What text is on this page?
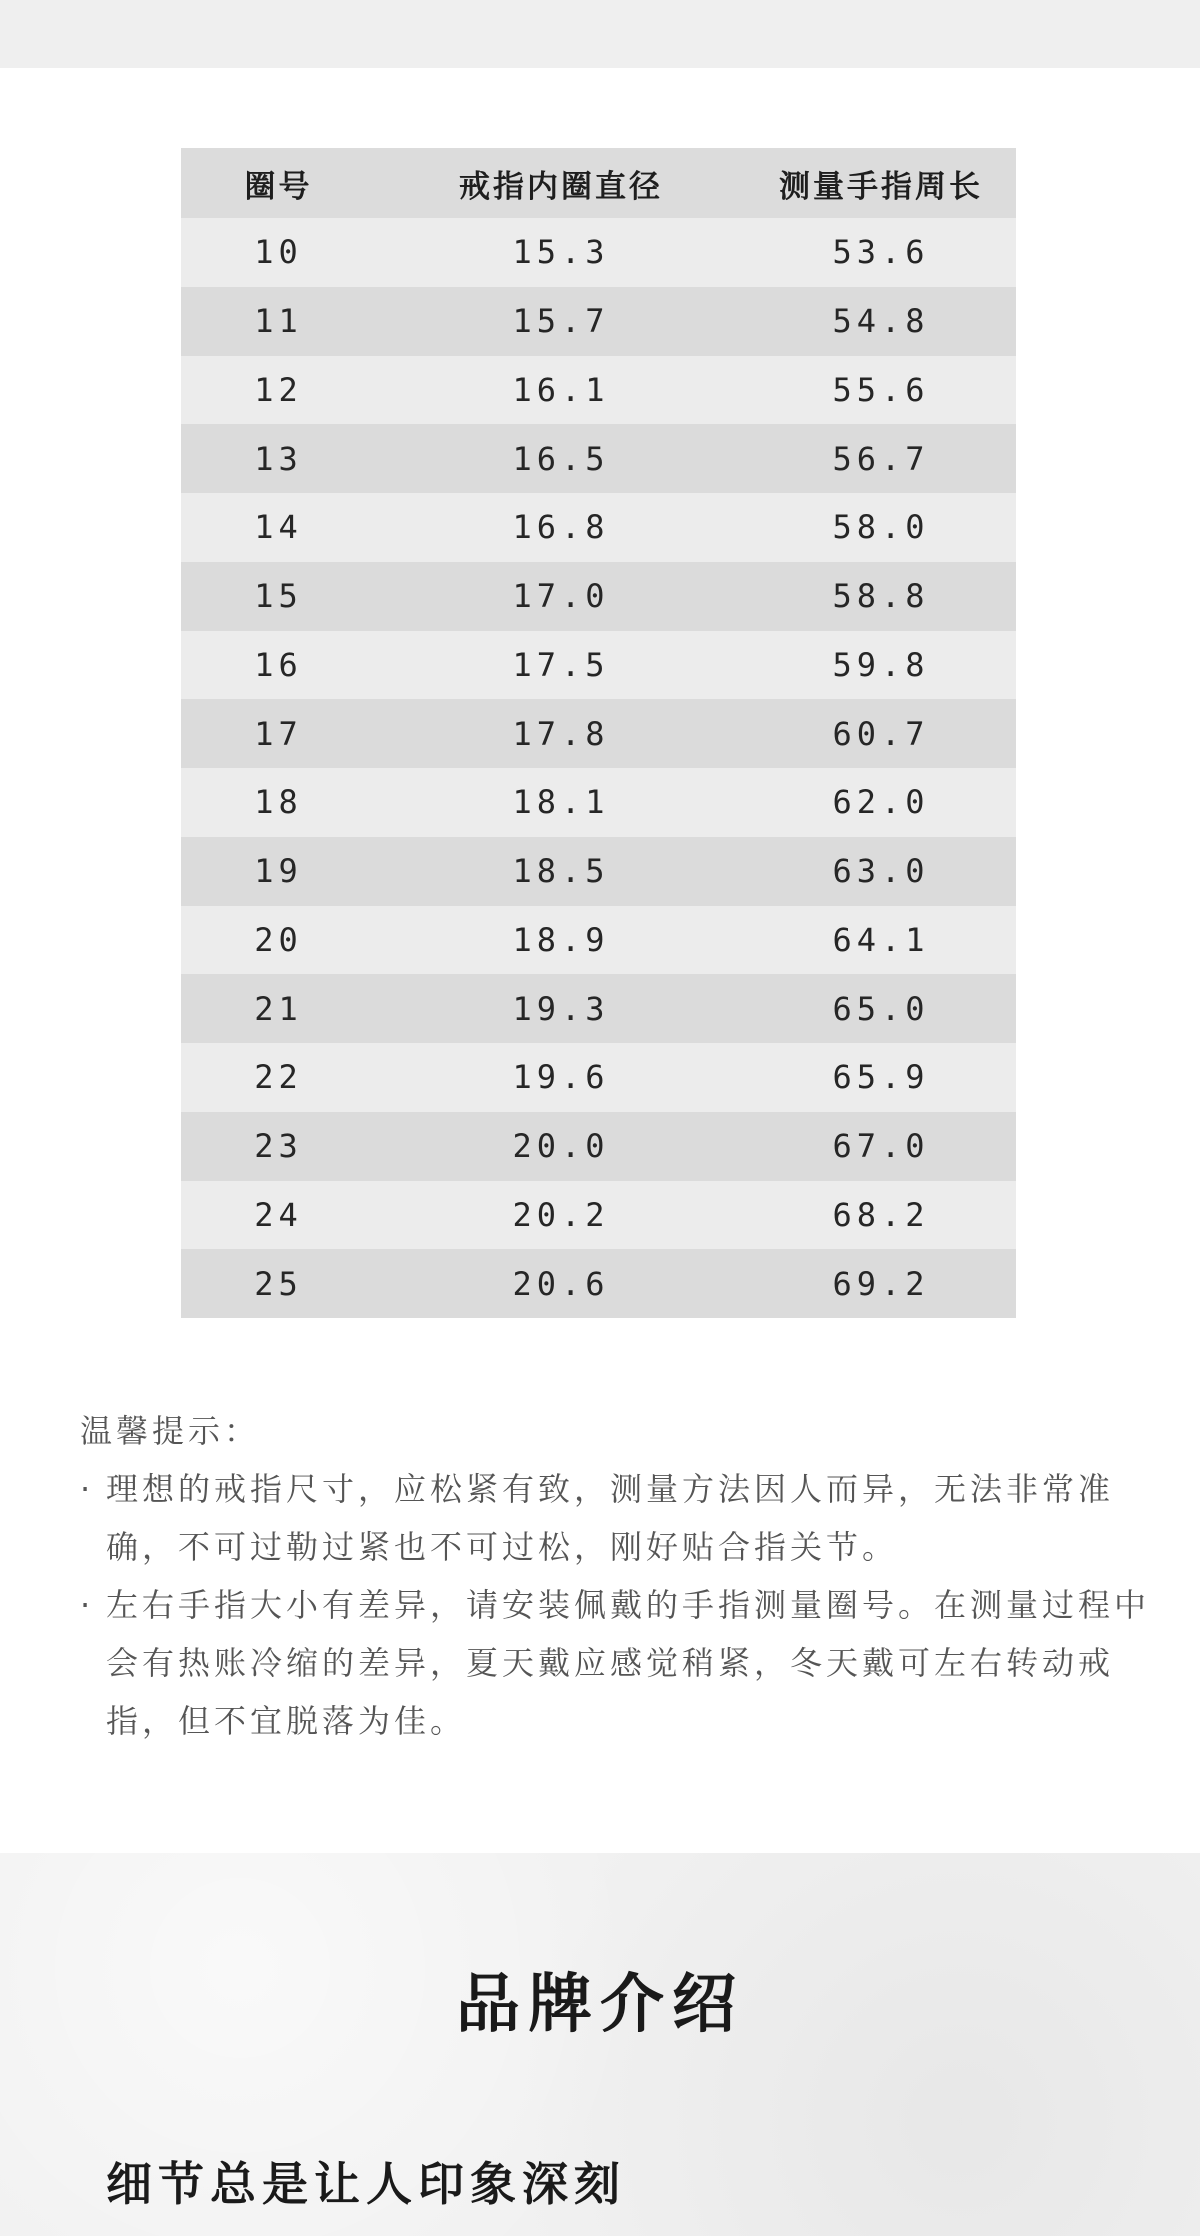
圈号	戒指内圈直径	测量手指周长
10	15.3	53.6
11	15.7	54.8
12	16.1	55.6
13	16.5	56.7
14	16.8	58.0
15	17.0	58.8
16	17.5	59.8
17	17.8	60.7
18	18.1	62.0
19	18.5	63.0
20	18.9	64.1
21	19.3	65.0
22	19.6	65.9
23	20.0	67.0
24	20.2	68.2
25	20.6	69.2
温馨提示：
· 理想的戒指尺寸，应松紧有致，测量方法因人而异，无法非常准确，不可过勒过紧也不可过松，刚好贴合指关节。
· 左右手指大小有差异，请安装佩戴的手指测量圈号。在测量过程中会有热账冷缩的差异，夏天戴应感觉稍紧，冬天戴可左右转动戒指，但不宜脱落为佳。
品牌介绍
细节总是让人印象深刻
